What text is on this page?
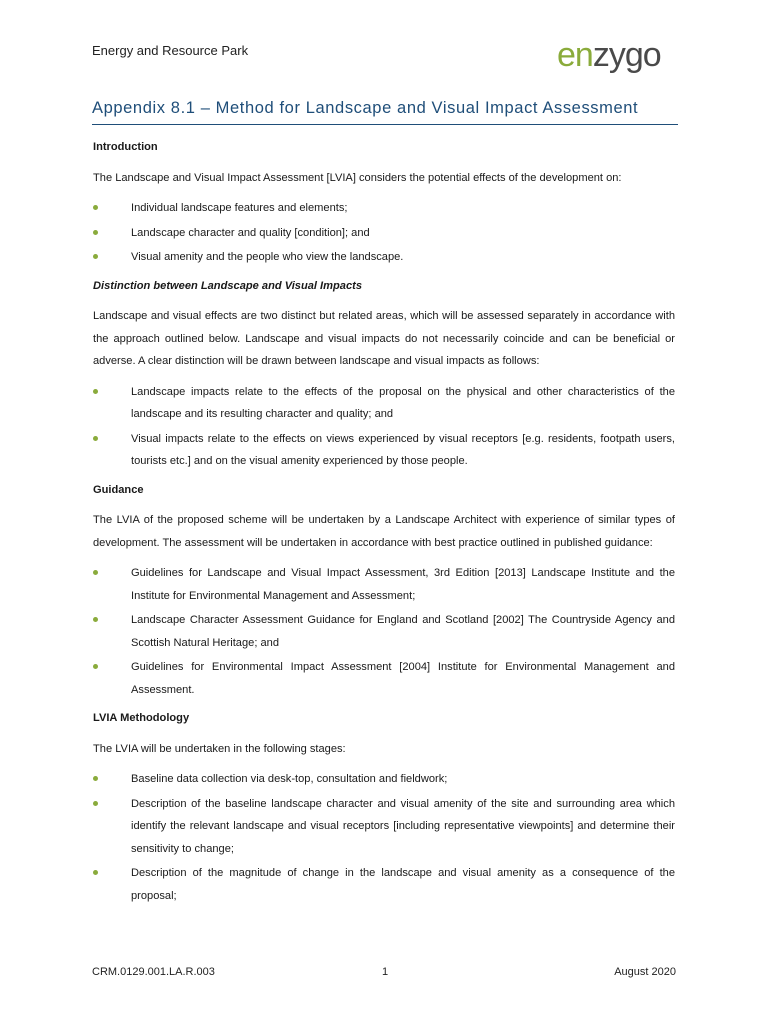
Energy and Resource Park	enzygo
Appendix 8.1 – Method for Landscape and Visual Impact Assessment
Introduction

The Landscape and Visual Impact Assessment [LVIA] considers the potential effects of the development on:

Individual landscape features and elements;
Landscape character and quality [condition]; and
Visual amenity and the people who view the landscape.
Distinction between Landscape and Visual Impacts

Landscape and visual effects are two distinct but related areas, which will be assessed separately in accordance with the approach outlined below. Landscape and visual impacts do not necessarily coincide and can be beneficial or adverse. A clear distinction will be drawn between landscape and visual impacts as follows:

Landscape impacts relate to the effects of the proposal on the physical and other characteristics of the landscape and its resulting character and quality; and
Visual impacts relate to the effects on views experienced by visual receptors [e.g. residents, footpath users, tourists etc.] and on the visual amenity experienced by those people.
Guidance

The LVIA of the proposed scheme will be undertaken by a Landscape Architect with experience of similar types of development. The assessment will be undertaken in accordance with best practice outlined in published guidance:

Guidelines for Landscape and Visual Impact Assessment, 3rd Edition [2013] Landscape Institute and the Institute for Environmental Management and Assessment;
Landscape Character Assessment Guidance for England and Scotland [2002] The Countryside Agency and Scottish Natural Heritage; and
Guidelines for Environmental Impact Assessment [2004] Institute for Environmental Management and Assessment.
LVIA Methodology

The LVIA will be undertaken in the following stages:

Baseline data collection via desk-top, consultation and fieldwork;
Description of the baseline landscape character and visual amenity of the site and surrounding area which identify the relevant landscape and visual receptors [including representative viewpoints] and determine their sensitivity to change;
Description of the magnitude of change in the landscape and visual amenity as a consequence of the proposal;
CRM.0129.001.LA.R.003	1	August 2020
